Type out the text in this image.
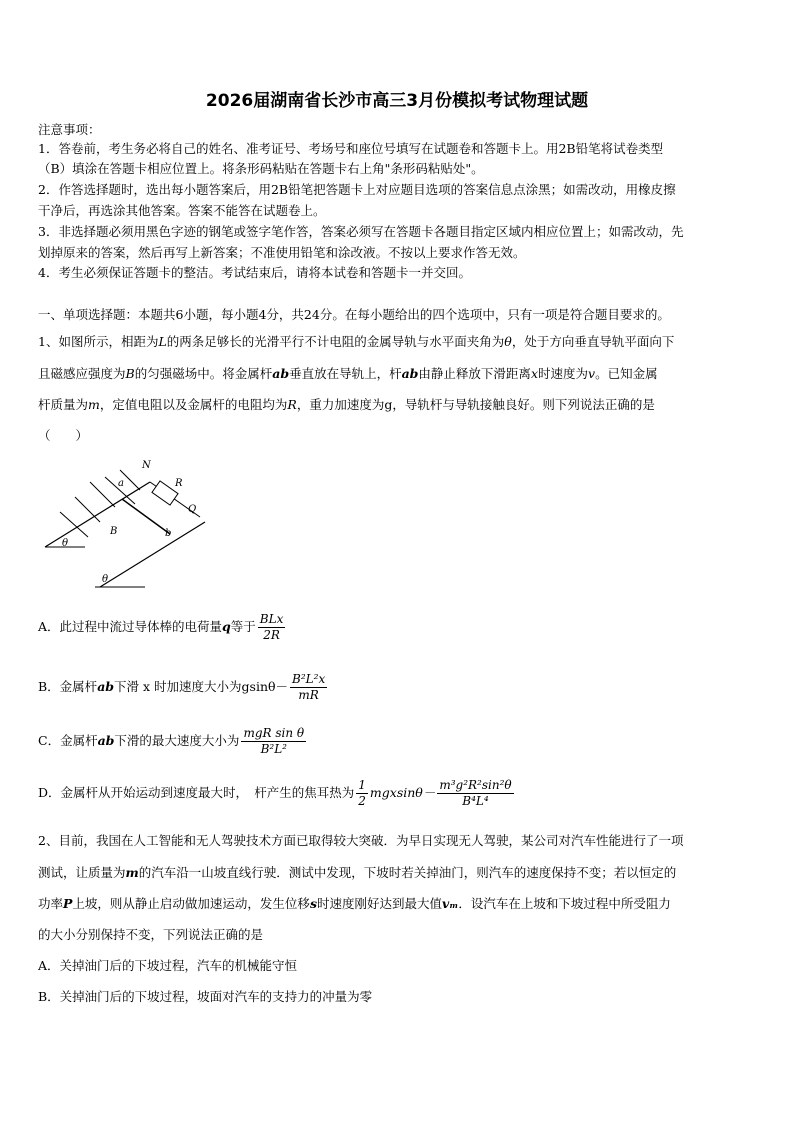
2026届湖南省长沙市高三3月份模拟考试物理试题
注意事项：
1．答卷前，考生务必将自己的姓名、准考证号、考场号和座位号填写在试题卷和答题卡上。用2B铅笔将试卷类型
（B）填涂在答题卡相应位置上。将条形码粘贴在答题卡右上角"条形码粘贴处"。
2．作答选择题时，选出每小题答案后，用2B铅笔把答题卡上对应题目选项的答案信息点涂黑；如需改动，用橡皮擦
干净后，再选涂其他答案。答案不能答在试题卷上。
3．非选择题必须用黑色字迹的钢笔或签字笔作答，答案必须写在答题卡各题目指定区域内相应位置上；如需改动，先
划掉原来的答案，然后再写上新答案；不准使用铅笔和涂改液。不按以上要求作答无效。
4．考生必须保证答题卡的整洁。考试结束后，请将本试卷和答题卡一并交回。
一、单项选择题：本题共6小题，每小题4分，共24分。在每小题给出的四个选项中，只有一项是符合题目要求的。
1、如图所示，相距为L的两条足够长的光滑平行不计电阻的金属导轨与水平面夹角为θ，处于方向垂直导轨平面向下
且磁感应强度为B的匀强磁场中。将金属杆ab垂直放在导轨上，杆ab由静止释放下滑距离x时速度为v。已知金属
杆质量为m，定值电阻以及金属杆的电阻均为R，重力加速度为g，导轨杆与导轨接触良好。则下列说法正确的是
（　　）
N
a	R
B
Q
b
θ
θ
A．此过程中流过导体棒的电荷量q等于 $\frac{\text{BLx}}{2R}$
B．金属杆ab下滑 x 时加速度大小为$gsin\theta- \frac{\text{B²L²x}}{mR}$
C．金属杆ab下滑的最大速度大小为 $\frac{\text{mgR sin θ}}{\text{B²L²}}$
D．金属杆从开始运动到速度最大时，　杆产生的焦耳热为 $\frac{1}{2} mgxsin\theta- \frac{\text{m³g²R²sin²θ}}{\text{B⁴L⁴}}$
2、目前，我国在人工智能和无人驾驶技术方面已取得较大突破．为早日实现无人驾驶，某公司对汽车性能进行了一项
测试，让质量为m的汽车沿一山坡直线行驶．测试中发现，下坡时若关掉油门，则汽车的速度保持不变；若以恒定的
功率P上坡，则从静止启动做加速运动，发生位移s时速度刚好达到最大值vₘ．设汽车在上坡和下坡过程中所受阻力
的大小分别保持不变，下列说法正确的是
A．关掉油门后的下坡过程，汽车的机械能守恒
B．关掉油门后的下坡过程，坡面对汽车的支持力的冲量为零
